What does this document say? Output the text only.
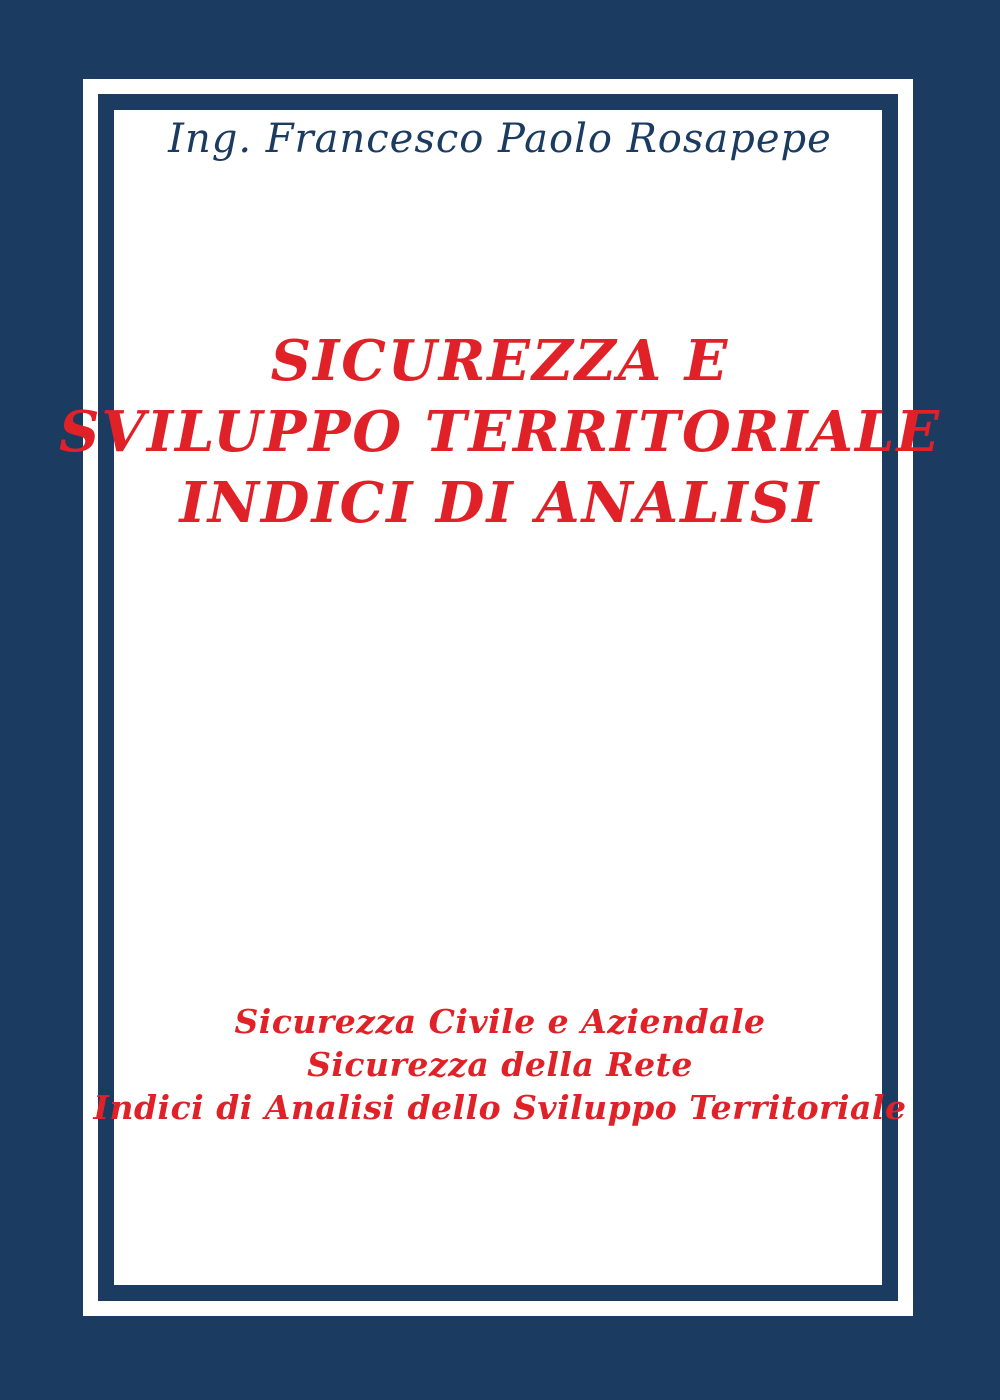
Ing. Francesco Paolo Rosapepe
SICUREZZA E
SVILUPPO TERRITORIALE
INDICI DI ANALISI
Sicurezza Civile e Aziendale
Sicurezza della Rete
Indici di Analisi dello Sviluppo Territoriale
